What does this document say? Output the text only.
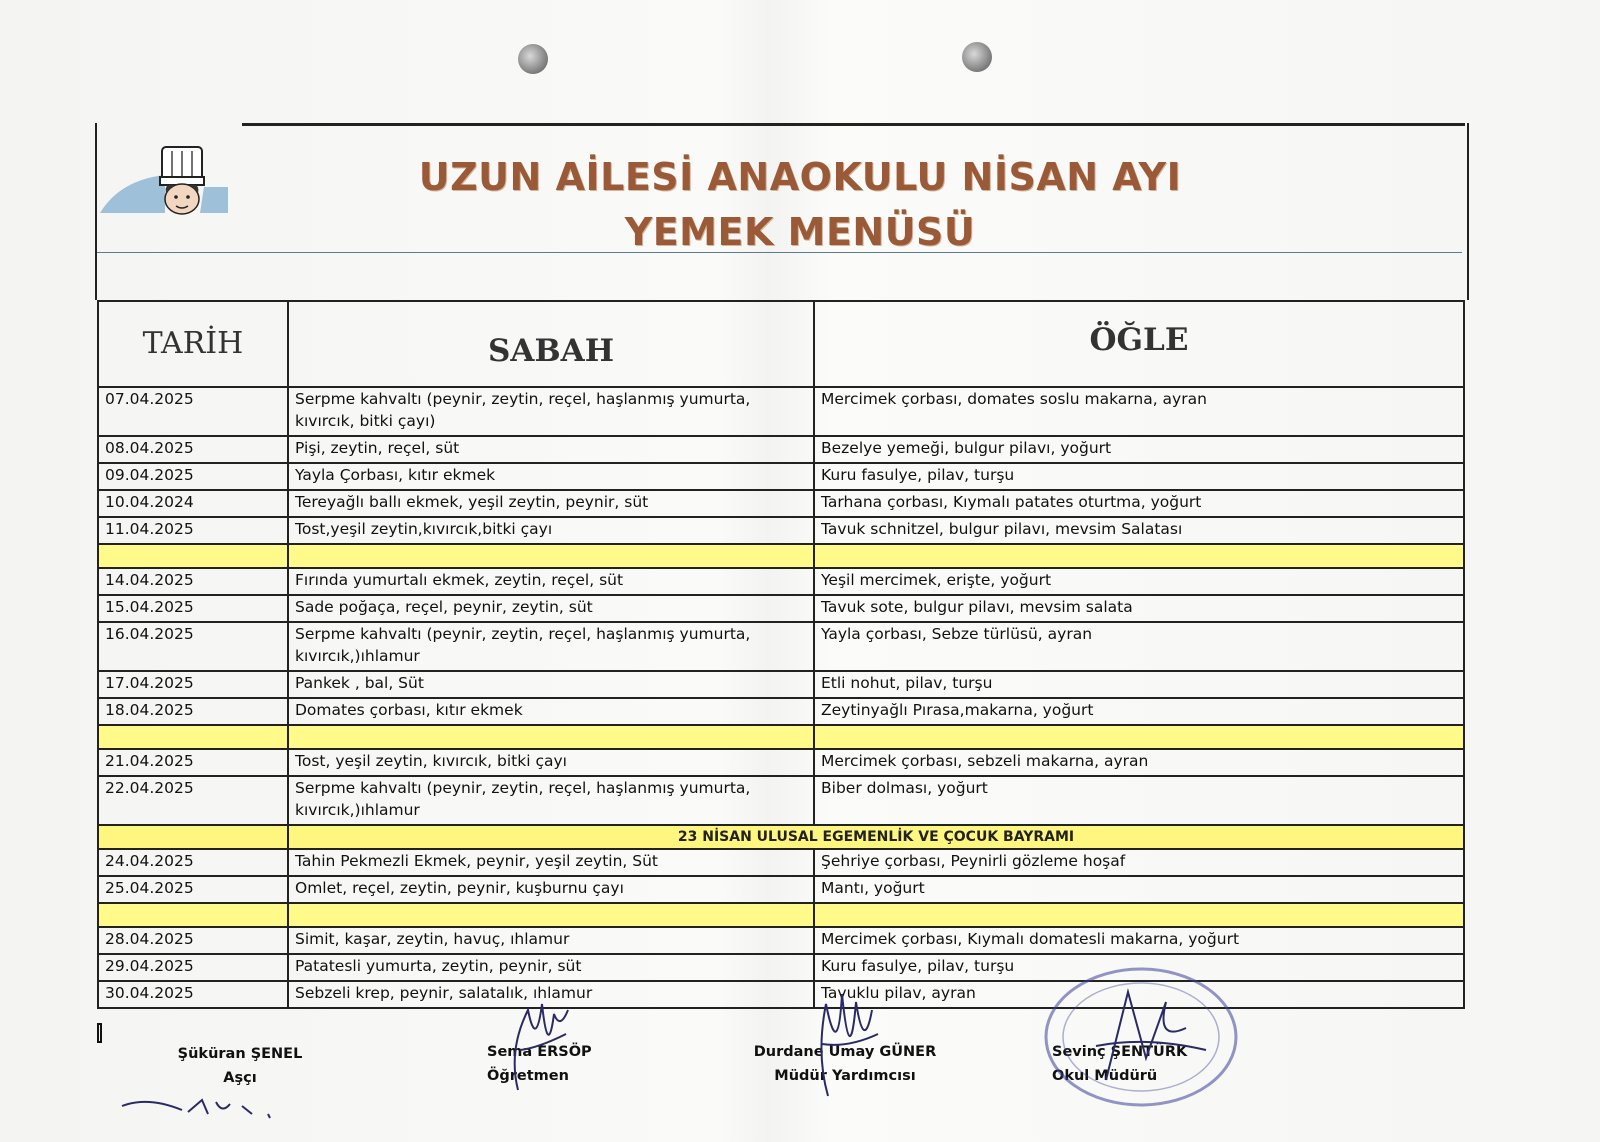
UZUN AİLESİ ANAOKULU NİSAN AYI
YEMEK MENÜSÜ
TARİH	SABAH	ÖĞLE
07.04.2025	Serpme kahvaltı (peynir, zeytin, reçel, haşlanmış yumurta, kıvırcık, bitki çayı)	Mercimek çorbası, domates soslu makarna, ayran
08.04.2025	Pişi, zeytin, reçel, süt	Bezelye yemeği, bulgur pilavı, yoğurt
09.04.2025	Yayla Çorbası, kıtır ekmek	Kuru fasulye, pilav, turşu
10.04.2024	Tereyağlı ballı ekmek, yeşil zeytin, peynir, süt	Tarhana çorbası, Kıymalı patates oturtma, yoğurt
11.04.2025	Tost,yeşil zeytin,kıvırcık,bitki çayı	Tavuk schnitzel, bulgur pilavı, mevsim Salatası

14.04.2025	Fırında yumurtalı ekmek, zeytin, reçel, süt	Yeşil mercimek, erişte, yoğurt
15.04.2025	Sade poğaça, reçel, peynir, zeytin, süt	Tavuk sote, bulgur pilavı, mevsim salata
16.04.2025	Serpme kahvaltı (peynir, zeytin, reçel, haşlanmış yumurta, kıvırcık,)ıhlamur	Yayla çorbası, Sebze türlüsü, ayran
17.04.2025	Pankek , bal, Süt	Etli nohut, pilav, turşu
18.04.2025	Domates çorbası, kıtır ekmek	Zeytinyağlı Pırasa,makarna, yoğurt

21.04.2025	Tost, yeşil zeytin, kıvırcık, bitki çayı	Mercimek çorbası, sebzeli makarna, ayran
22.04.2025	Serpme kahvaltı (peynir, zeytin, reçel, haşlanmış yumurta, kıvırcık,)ıhlamur	Biber dolması, yoğurt
	23 NİSAN ULUSAL EGEMENLİK VE ÇOCUK BAYRAMI	
24.04.2025	Tahin Pekmezli Ekmek, peynir, yeşil zeytin, Süt	Şehriye çorbası, Peynirli gözleme hoşaf
25.04.2025	Omlet, reçel, zeytin, peynir, kuşburnu çayı	Mantı, yoğurt

28.04.2025	Simit, kaşar, zeytin, havuç, ıhlamur	Mercimek çorbası, Kıymalı domatesli makarna, yoğurt
29.04.2025	Patatesli yumurta, zeytin, peynir, süt	Kuru fasulye, pilav, turşu
30.04.2025	Sebzeli krep, peynir, salatalık, ıhlamur	Tavuklu pilav, ayran
Şüküran ŞENEL
Aşçı
Sema ERSÖP
Öğretmen
Durdane Umay GÜNER
Müdür Yardımcısı
Sevinç ŞENTÜRK
Okul Müdürü
